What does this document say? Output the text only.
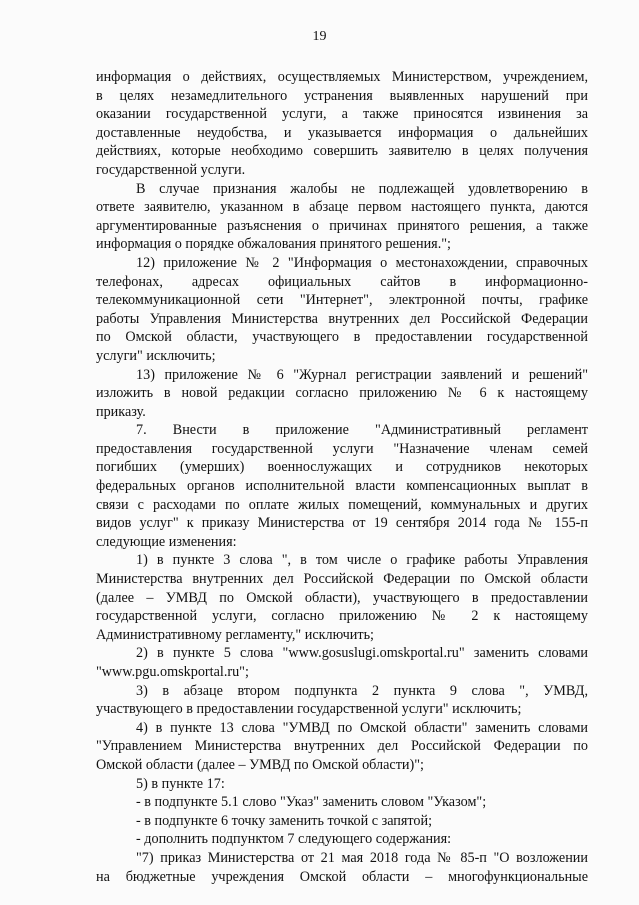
19
информация о действиях, осуществляемых Министерством, учреждением,
в целях незамедлительного устранения выявленных нарушений при
оказании государственной услуги, а также приносятся извинения за
доставленные неудобства, и указывается информация о дальнейших
действиях, которые необходимо совершить заявителю в целях получения
государственной услуги.
В случае признания жалобы не подлежащей удовлетворению в
ответе заявителю, указанном в абзаце первом настоящего пункта, даются
аргументированные разъяснения о причинах принятого решения, а также
информация о порядке обжалования принятого решения.";
12) приложение № 2 "Информация о местонахождении, справочных
телефонах, адресах официальных сайтов в информационно-
телекоммуникационной сети "Интернет", электронной почты, графике
работы Управления Министерства внутренних дел Российской Федерации
по Омской области, участвующего в предоставлении государственной
услуги" исключить;
13) приложение № 6 "Журнал регистрации заявлений и решений"
изложить в новой редакции согласно приложению № 6 к настоящему
приказу.
7. Внести в приложение "Административный регламент
предоставления государственной услуги "Назначение членам семей
погибших (умерших) военнослужащих и сотрудников некоторых
федеральных органов исполнительной власти компенсационных выплат в
связи с расходами по оплате жилых помещений, коммунальных и других
видов услуг" к приказу Министерства от 19 сентября 2014 года № 155-п
следующие изменения:
1) в пункте 3 слова ", в том числе о графике работы Управления
Министерства внутренних дел Российской Федерации по Омской области
(далее – УМВД по Омской области), участвующего в предоставлении
государственной услуги, согласно приложению № 2 к настоящему
Административному регламенту," исключить;
2) в пункте 5 слова "www.gosuslugi.omskportal.ru" заменить словами
"www.pgu.omskportal.ru";
3) в абзаце втором подпункта 2 пункта 9 слова ", УМВД,
участвующего в предоставлении государственной услуги" исключить;
4) в пункте 13 слова "УМВД по Омской области" заменить словами
"Управлением Министерства внутренних дел Российской Федерации по
Омской области (далее – УМВД по Омской области)";
5) в пункте 17:
- в подпункте 5.1 слово "Указ" заменить словом "Указом";
- в подпункте 6 точку заменить точкой с запятой;
- дополнить подпунктом 7 следующего содержания:
"7) приказ Министерства от 21 мая 2018 года № 85-п "О возложении
на бюджетные учреждения Омской области – многофункциональные
